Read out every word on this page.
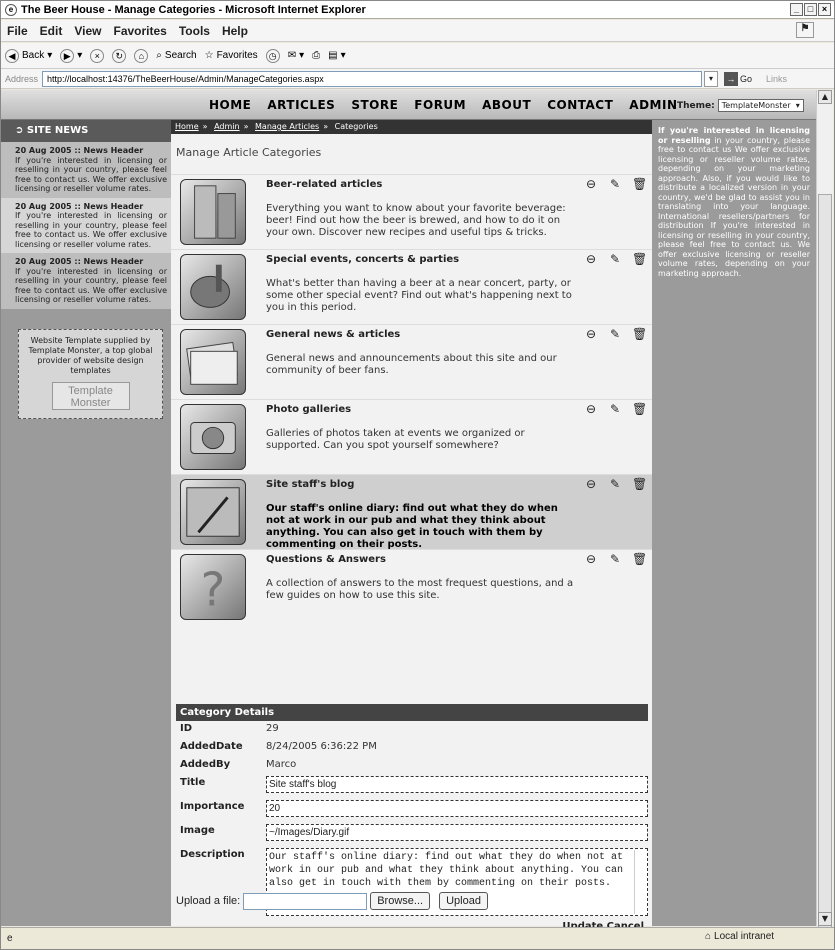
e The Beer House - Manage Categories - Microsoft Internet Explorer	_ □ ×
File Edit View Favorites Tools Help	⚑
◀ Back ▾	▶ ▾	×	↻	⌂	⌕ Search ☆ Favorites	◷	✉ ▾ ⎙ ▤ ▾
Address	http://localhost:14376/TheBeerHouse/Admin/ManageCategories.aspx	▾	→ Go Links
HOME ARTICLES STORE FORUM ABOUT CONTACT ADMIN Theme: TemplateMonster ▾
➲ SITE NEWS
20 Aug 2005 :: News Header
If you're interested in licensing or reselling in your country, please feel free to contact us. We offer exclusive licensing or reseller volume rates.
20 Aug 2005 :: News Header
If you're interested in licensing or reselling in your country, please feel free to contact us. We offer exclusive licensing or reseller volume rates.
20 Aug 2005 :: News Header
If you're interested in licensing or reselling in your country, please feel free to contact us. We offer exclusive licensing or reseller volume rates.
Website Template supplied by Template Monster, a top global provider of website design templates
Template
Monster
Home » Admin » Manage Articles » Categories
Manage Article Categories
Beer-related articles
Everything you want to know about your favorite beverage: beer! Find out how the beer is brewed, and how to do it on your own. Discover new recipes and useful tips & tricks.
⊖ ✎ 🗑
Special events, concerts & parties
What's better than having a beer at a near concert, party, or some other special event? Find out what's happening next to you in this period.
⊖ ✎ 🗑
General news & articles
General news and announcements about this site and our community of beer fans.
⊖ ✎ 🗑
Photo galleries
Galleries of photos taken at events we organized or supported. Can you spot yourself somewhere?
⊖ ✎ 🗑
Site staff's blog
Our staff's online diary: find out what they do when not at work in our pub and what they think about anything. You can also get in touch with them by commenting on their posts.
⊖ ✎ 🗑
?
Questions & Answers
A collection of answers to the most frequest questions, and a few guides on how to use this site.
⊖ ✎ 🗑
Category Details
ID	29
AddedDate 8/24/2005 6:36:22 PM
AddedBy	Marco
Title	Site staff's blog
Importance	20
Image	~/Images/Diary.gif
Description	Our staff's online diary: find out what they do when not at work in our pub and what they think about anything. You can also get in touch with them by commenting on their posts.
Upload a file:	Browse...	Upload
If you're interested in licensing or reselling in your country, please free to contact us We offer exclusive licensing or reseller volume rates, depending on your marketing approach. Also, if you would like to distribute a localized version in your country, we'd be glad to assist you in translating into your language. International resellers/partners for distribution If you're interested in licensing or reselling in your country, please feel free to contact us. We offer exclusive licensing or reseller volume rates, depending on your marketing approach.
▲
▼
e	⌂ Local intranet
